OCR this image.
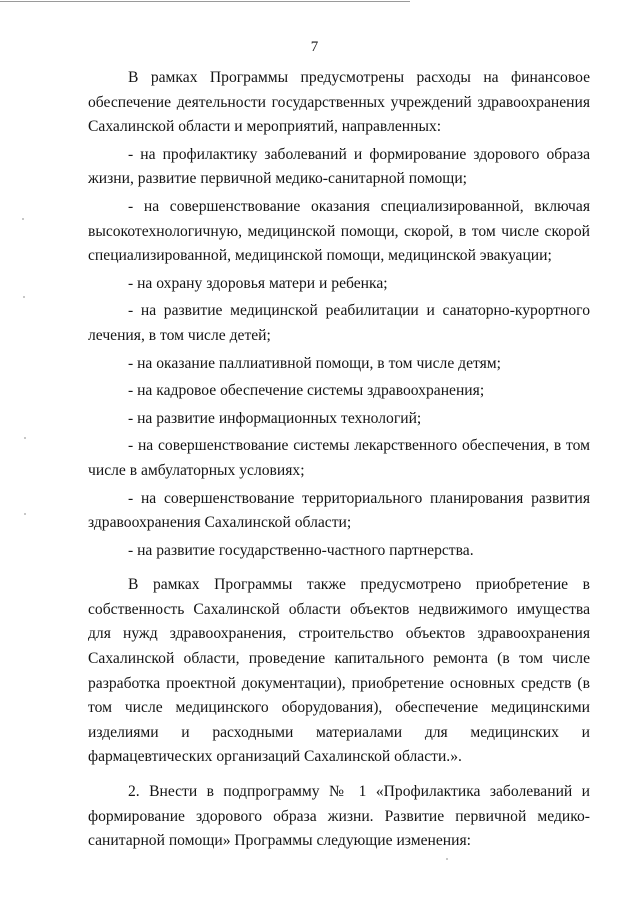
7

В рамках Программы предусмотрены расходы на финансовое обеспечение деятельности государственных учреждений здравоохранения Сахалинской области и мероприятий, направленных:

- на профилактику заболеваний и формирование здорового образа жизни, развитие первичной медико-санитарной помощи;

- на совершенствование оказания специализированной, включая высокотехнологичную, медицинской помощи, скорой, в том числе скорой специализированной, медицинской помощи, медицинской эвакуации;

- на охрану здоровья матери и ребенка;

- на развитие медицинской реабилитации и санаторно-курортного лечения, в том числе детей;

- на оказание паллиативной помощи, в том числе детям;

- на кадровое обеспечение системы здравоохранения;

- на развитие информационных технологий;

- на совершенствование системы лекарственного обеспечения, в том числе в амбулаторных условиях;

- на совершенствование территориального планирования развития здравоохранения Сахалинской области;

- на развитие государственно-частного партнерства.

В рамках Программы также предусмотрено приобретение в собственность Сахалинской области объектов недвижимого имущества для нужд здравоохранения, строительство объектов здравоохранения Сахалинской области, проведение капитального ремонта (в том числе разработка проектной документации), приобретение основных средств (в том числе медицинского оборудования), обеспечение медицинскими изделиями и расходными материалами для медицинских и фармацевтических организаций Сахалинской области.».

2. Внести в подпрограмму № 1 «Профилактика заболеваний и формирование здорового образа жизни. Развитие первичной медико-санитарной помощи» Программы следующие изменения:
